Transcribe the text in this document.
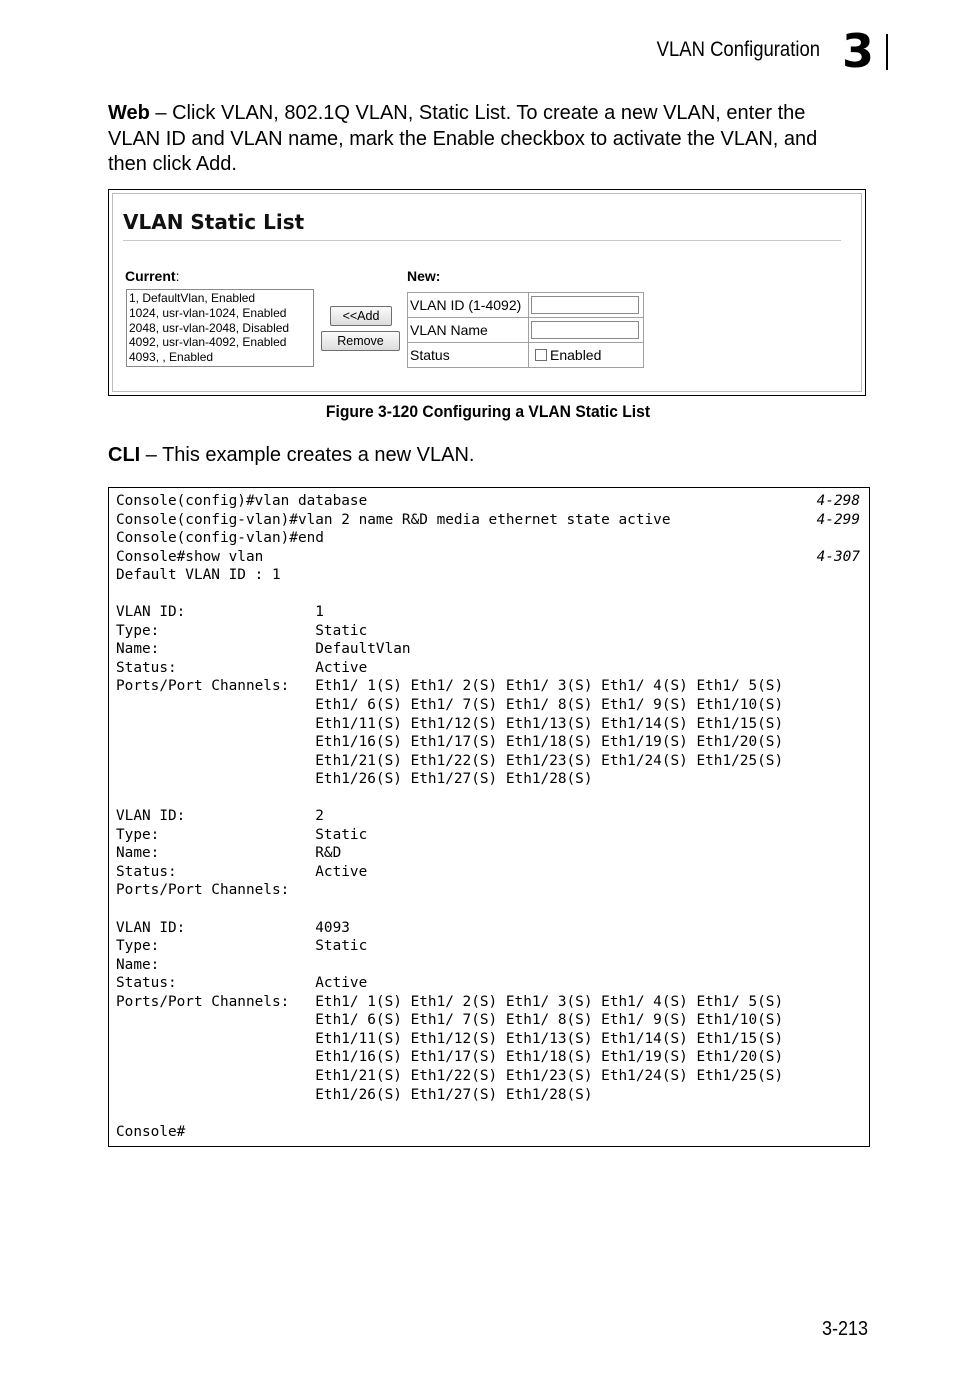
VLAN Configuration 3
Web – Click VLAN, 802.1Q VLAN, Static List. To create a new VLAN, enter the VLAN ID and VLAN name, mark the Enable checkbox to activate the VLAN, and then click Add.
VLAN Static List
Current:	New:
1, DefaultVlan, Enabled
1024, usr-vlan-1024, Enabled
2048, usr-vlan-2048, Disabled
4092, usr-vlan-4092, Enabled
4093, , Enabled
<<Add
Remove
VLAN ID (1-4092)	
VLAN Name	
Status	Enabled
Figure 3-120 Configuring a VLAN Static List
CLI – This example creates a new VLAN.
Console(config)#vlan database	4-298
Console(config-vlan)#vlan 2 name R&D media ethernet state active	4-299
Console(config-vlan)#end
Console#show vlan	4-307
Default VLAN ID : 1
VLAN ID:               1
Type:                  Static
Name:                  DefaultVlan
Status:                Active
Ports/Port Channels:   Eth1/ 1(S) Eth1/ 2(S) Eth1/ 3(S) Eth1/ 4(S) Eth1/ 5(S)
Eth1/ 6(S) Eth1/ 7(S) Eth1/ 8(S) Eth1/ 9(S) Eth1/10(S)
Eth1/11(S) Eth1/12(S) Eth1/13(S) Eth1/14(S) Eth1/15(S)
Eth1/16(S) Eth1/17(S) Eth1/18(S) Eth1/19(S) Eth1/20(S)
Eth1/21(S) Eth1/22(S) Eth1/23(S) Eth1/24(S) Eth1/25(S)
Eth1/26(S) Eth1/27(S) Eth1/28(S)
VLAN ID:               2
Type:                  Static
Name:                  R&D
Status:                Active
Ports/Port Channels:
VLAN ID:               4093
Type:                  Static
Name:
Status:                Active
Ports/Port Channels:   Eth1/ 1(S) Eth1/ 2(S) Eth1/ 3(S) Eth1/ 4(S) Eth1/ 5(S)
Eth1/ 6(S) Eth1/ 7(S) Eth1/ 8(S) Eth1/ 9(S) Eth1/10(S)
Eth1/11(S) Eth1/12(S) Eth1/13(S) Eth1/14(S) Eth1/15(S)
Eth1/16(S) Eth1/17(S) Eth1/18(S) Eth1/19(S) Eth1/20(S)
Eth1/21(S) Eth1/22(S) Eth1/23(S) Eth1/24(S) Eth1/25(S)
Eth1/26(S) Eth1/27(S) Eth1/28(S)
Console#
3-213
